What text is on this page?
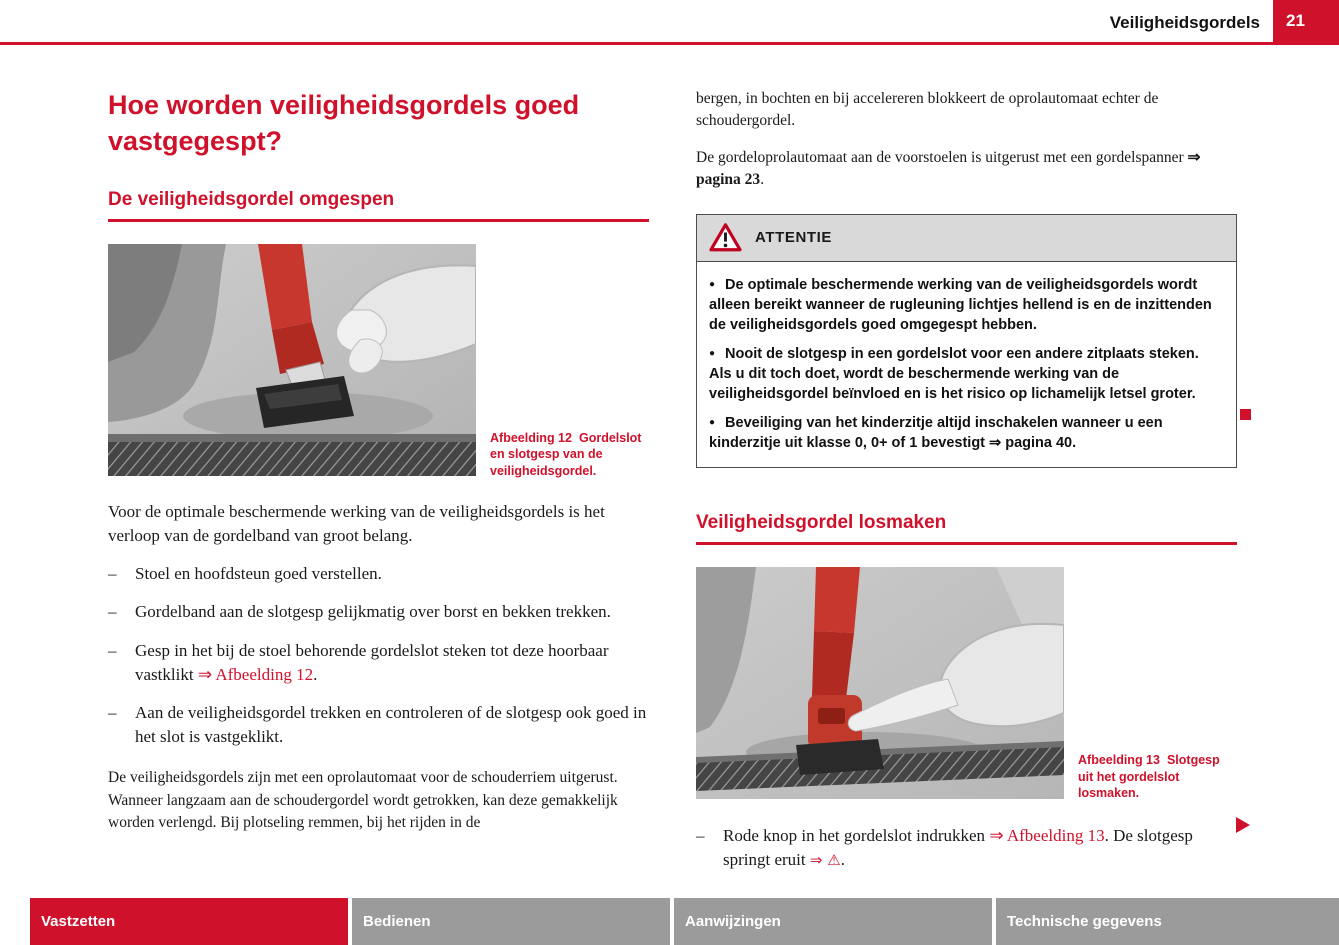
Veiligheidsgordels 21
Hoe worden veiligheidsgordels goed vastgegespt?
De veiligheidsgordel omgespen
Afbeelding 12 Gordelslot en slotgesp van de veiligheidsgordel.

Voor de optimale beschermende werking van de veiligheidsgordels is het verloop van de gordelband van groot belang.

– Stoel en hoofdsteun goed verstellen.
– Gordelband aan de slotgesp gelijkmatig over borst en bekken trekken.
– Gesp in het bij de stoel behorende gordelslot steken tot deze hoorbaar vastklikt ⇒ Afbeelding 12.
– Aan de veiligheidsgordel trekken en controleren of de slotgesp ook goed in het slot is vastgeklikt.

De veiligheidsgordels zijn met een oprolautomaat voor de schouderriem uitgerust. Wanneer langzaam aan de schoudergordel wordt getrokken, kan deze gemakkelijk worden verlengd. Bij plotseling remmen, bij het rijden in de

bergen, in bochten en bij accelereren blokkeert de oprolautomaat echter de schoudergordel.

De gordeloprolautomaat aan de voorstoelen is uitgerust met een gordelspanner ⇒ pagina 23.

ATTENTIE

● De optimale beschermende werking van de veiligheidsgordels wordt alleen bereikt wanneer de rugleuning lichtjes hellend is en de inzittenden de veiligheidsgordels goed omgegespt hebben.

● Nooit de slotgesp in een gordelslot voor een andere zitplaats steken. Als u dit toch doet, wordt de beschermende werking van de veiligheidsgordel beïnvloed en is het risico op lichamelijk letsel groter.

● Beveiliging van het kinderzitje altijd inschakelen wanneer u een kinderzitje uit klasse 0, 0+ of 1 bevestigt ⇒ pagina 40.

Veiligheidsgordel losmaken
Afbeelding 13 Slotgesp uit het gordelslot losmaken.
– Rode knop in het gordelslot indrukken ⇒ Afbeelding 13. De slotgesp springt eruit ⇒ ⚠.
Vastzetten	Bedienen	Aanwijzingen	Technische gegevens
